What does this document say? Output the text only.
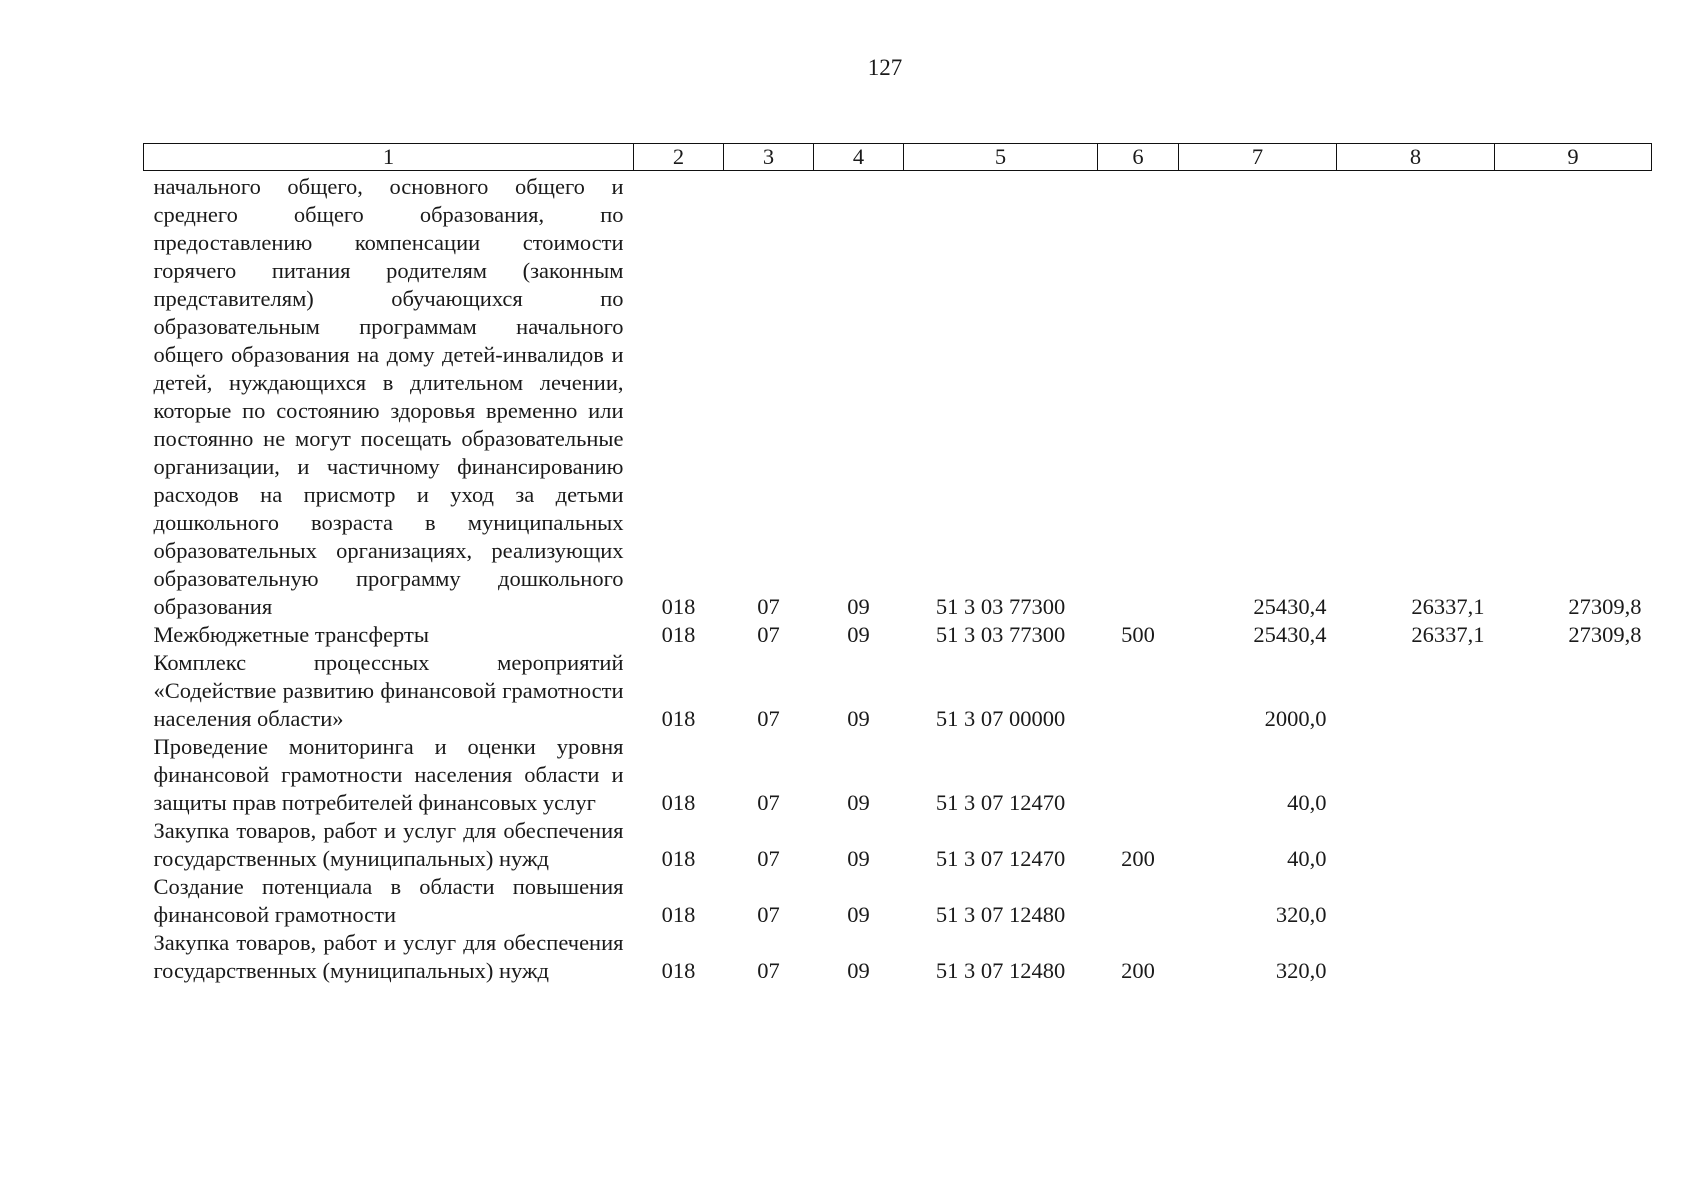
127
1	2	3	4	5	6	7	8	9
начального общего, основного общего и среднего общего образования, по предоставлению компенсации стоимости горячего питания родителям (законным представителям) обучающихся по образовательным программам начального общего образования на дому детей-инвалидов и детей, нуждающихся в длительном лечении, которые по состоянию здоровья временно или постоянно не могут посещать образовательные организации, и частичному финансированию расходов на присмотр и уход за детьми дошкольного возраста в муниципальных образовательных организациях, реализующих образовательную программу дошкольного образования	018	07	09	51 3 03 77300		25430,4	26337,1	27309,8
Межбюджетные трансферты	018	07	09	51 3 03 77300	500	25430,4	26337,1	27309,8
Комплекс процессных мероприятий «Содействие развитию финансовой грамотности населения области»	018	07	09	51 3 07 00000		2000,0		
Проведение мониторинга и оценки уровня финансовой грамотности населения области и защиты прав потребителей финансовых услуг	018	07	09	51 3 07 12470		40,0		
Закупка товаров, работ и услуг для обеспечения государственных (муниципальных) нужд	018	07	09	51 3 07 12470	200	40,0		
Создание потенциала в области повышения финансовой грамотности	018	07	09	51 3 07 12480		320,0		
Закупка товаров, работ и услуг для обеспечения государственных (муниципальных) нужд	018	07	09	51 3 07 12480	200	320,0		
